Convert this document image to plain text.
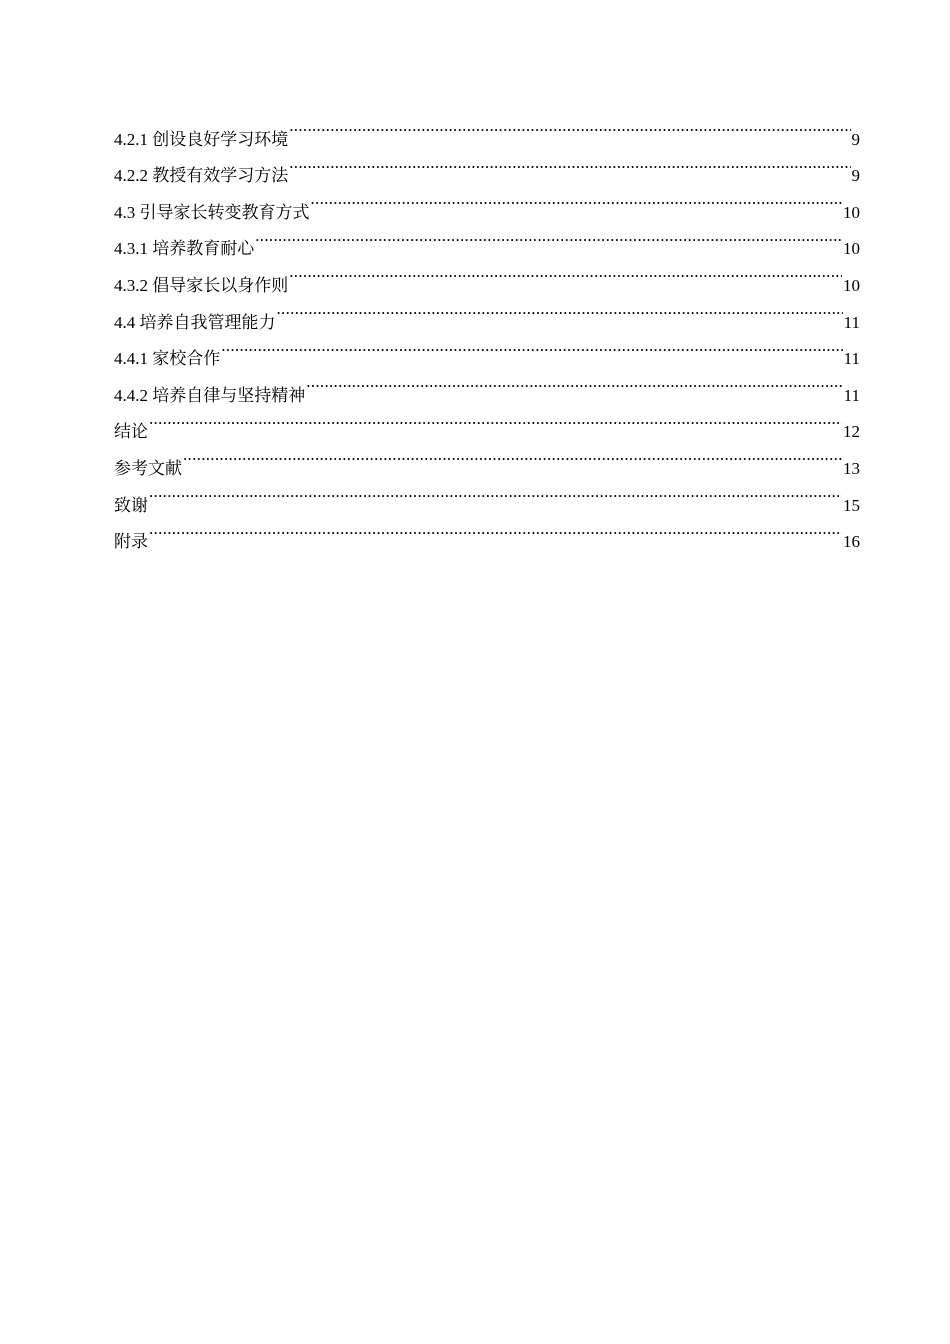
4.2.1 创设良好学习环境 .....	9
4.2.2 教授有效学习方法 .....	9
4.3 引导家长转变教育方式 .....	10
4.3.1 培养教育耐心 .....	10
4.3.2 倡导家长以身作则 .....	10
4.4 培养自我管理能力 .....	11
4.4.1 家校合作 .....	11
4.4.2 培养自律与坚持精神 .....	11
结论 .....	12
参考文献 .....	13
致谢 .....	15
附录 .....	16
